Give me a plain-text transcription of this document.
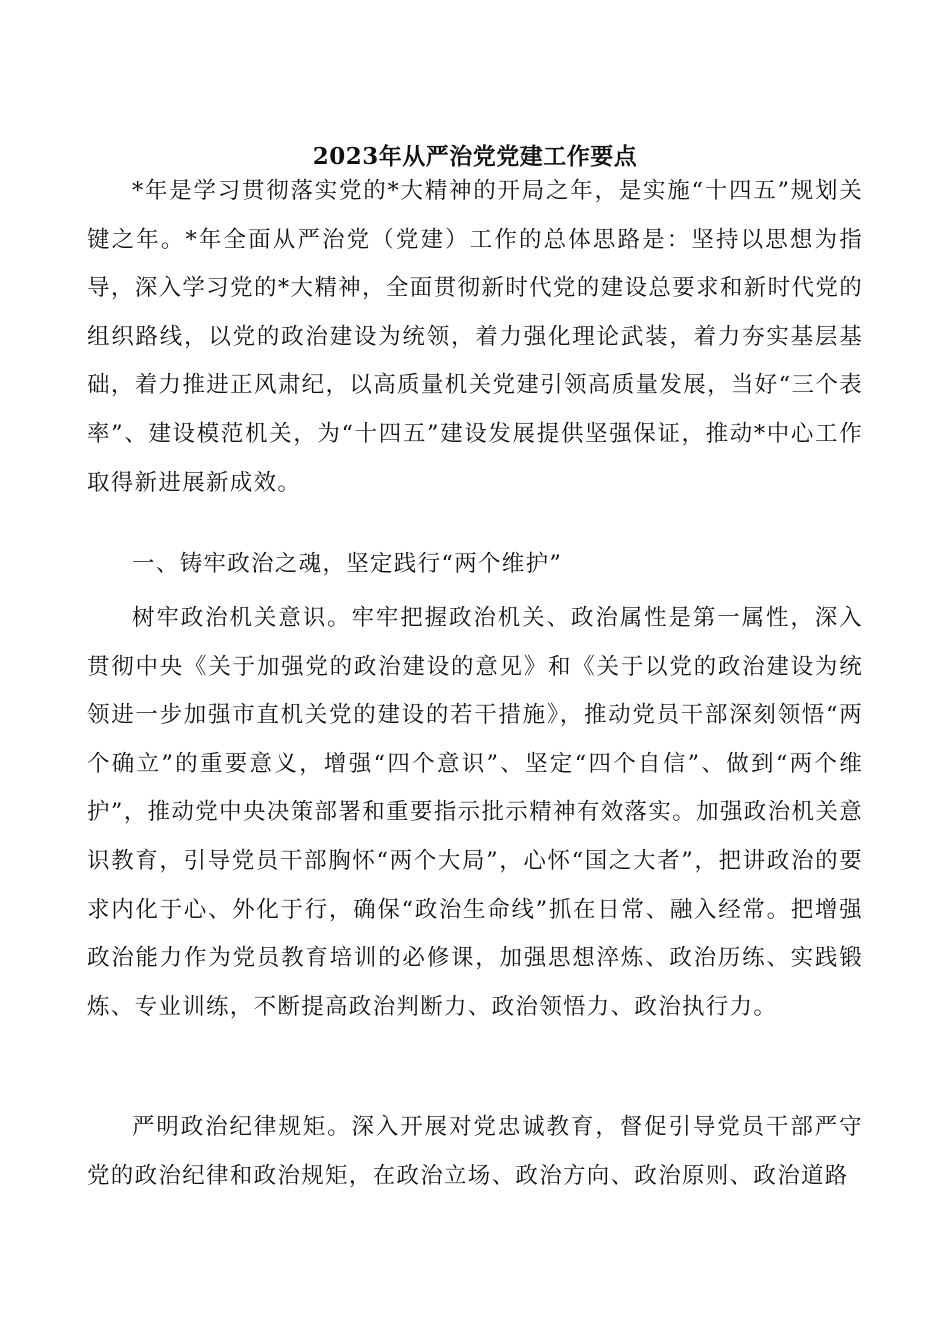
2023年从严治党党建工作要点

*年是学习贯彻落实党的*大精神的开局之年，是实施“十四五”规划关键之年。*年全面从严治党（党建）工作的总体思路是：坚持以思想为指导，深入学习党的*大精神，全面贯彻新时代党的建设总要求和新时代党的组织路线，以党的政治建设为统领，着力强化理论武装，着力夯实基层基础，着力推进正风肃纪，以高质量机关党建引领高质量发展，当好“三个表率”、建设模范机关，为“十四五”建设发展提供坚强保证，推动*中心工作取得新进展新成效。

一、铸牢政治之魂，坚定践行“两个维护”

树牢政治机关意识。牢牢把握政治机关、政治属性是第一属性，深入贯彻中央《关于加强党的政治建设的意见》和《关于以党的政治建设为统领进一步加强市直机关党的建设的若干措施》，推动党员干部深刻领悟“两个确立”的重要意义，增强“四个意识”、坚定“四个自信”、做到“两个维护”，推动党中央决策部署和重要指示批示精神有效落实。加强政治机关意识教育，引导党员干部胸怀“两个大局”，心怀“国之大者”，把讲政治的要求内化于心、外化于行，确保“政治生命线”抓在日常、融入经常。把增强政治能力作为党员教育培训的必修课，加强思想淬炼、政治历练、实践锻炼、专业训练，不断提高政治判断力、政治领悟力、政治执行力。

严明政治纪律规矩。深入开展对党忠诚教育，督促引导党员干部严守党的政治纪律和政治规矩，在政治立场、政治方向、政治原则、政治道路
